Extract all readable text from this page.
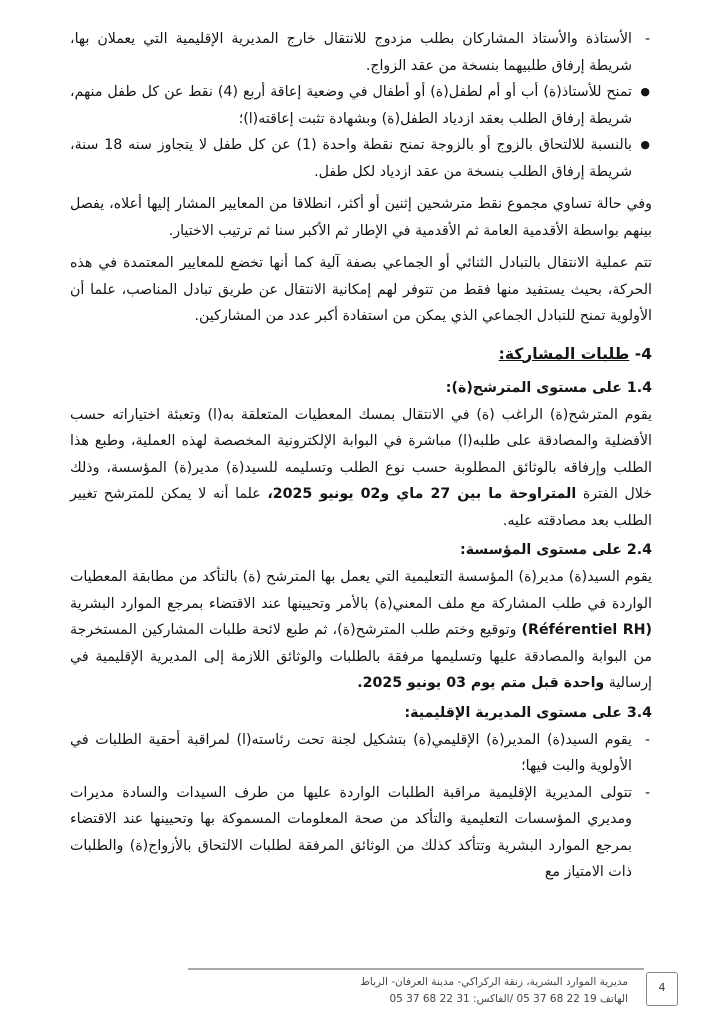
-
الأستاذة والأستاذ المشاركان بطلب مزدوج للانتقال خارج المديرية الإقليمية التي يعملان بها، شريطة إرفاق طلبيهما بنسخة من عقد الزواج.

●
تمنح للأستاذ(ة) أب أو أم لطفل(ة) أو أطفال في وضعية إعاقة أربع (4) نقط عن كل طفل منهم، شريطة إرفاق الطلب بعقد ازدياد الطفل(ة) وبشهادة تثبت إعاقته(ا)؛

●
بالنسبة للالتحاق بالزوج أو بالزوجة تمنح نقطة واحدة (1) عن كل طفل لا يتجاوز سنه 18 سنة، شريطة إرفاق الطلب بنسخة من عقد ازدياد لكل طفل.

وفي حالة تساوي مجموع نقط مترشحين إثنين أو أكثر، انطلاقا من المعايير المشار إليها أعلاه، يفصل بينهم بواسطة الأقدمية العامة ثم الأقدمية في الإطار ثم الأكبر سنا ثم ترتيب الاختيار.

تتم عملية الانتقال بالتبادل الثنائي أو الجماعي بصفة آلية كما أنها تخضع للمعايير المعتمدة في هذه الحركة، بحيث يستفيد منها فقط من تتوفر لهم إمكانية الانتقال عن طريق تبادل المناصب، علما أن الأولوية تمنح للتبادل الجماعي الذي يمكن من استفادة أكبر عدد من المشاركين.

4- طلبات المشاركة:
1.4 على مستوى المترشح(ة):

يقوم المترشح(ة) الراغب (ة) في الانتقال بمسك المعطيات المتعلقة به(ا) وتعبئة اختياراته حسب الأفضلية والمصادقة على طلبه(ا) مباشرة في البوابة الإلكترونية المخصصة لهذه العملية، وطبع هذا الطلب وإرفاقه بالوثائق المطلوبة حسب نوع الطلب وتسليمه للسيد(ة) مدير(ة) المؤسسة، وذلك خلال الفترة المتراوحة ما بين 27 ماي و02 يونيو 2025، علما أنه لا يمكن للمترشح تغيير الطلب بعد مصادقته عليه.

2.4 على مستوى المؤسسة:

يقوم السيد(ة) مدير(ة) المؤسسة التعليمية التي يعمل بها المترشح (ة) بالتأكد من مطابقة المعطيات الواردة في طلب المشاركة مع ملف المعني(ة) بالأمر وتحيينها عند الاقتضاء بمرجع الموارد البشرية (Référentiel RH) وتوقيع وختم طلب المترشح(ة)، ثم طبع لائحة طلبات المشاركين المستخرجة من البوابة والمصادقة عليها وتسليمها مرفقة بالطلبات والوثائق اللازمة إلى المديرية الإقليمية في إرسالية واحدة قبل متم يوم 03 يونيو 2025.

3.4 على مستوى المديرية الإقليمية:

-
يقوم السيد(ة) المدير(ة) الإقليمي(ة) بتشكيل لجنة تحت رئاسته(ا) لمراقبة أحقية الطلبات في الأولوية والبت فيها؛

-
تتولى المديرية الإقليمية مراقبة الطلبات الواردة عليها من طرف السيدات والسادة مديرات ومديري المؤسسات التعليمية والتأكد من صحة المعلومات المسموكة بها وتحيينها عند الاقتضاء بمرجع الموارد البشرية وتتأكد كذلك من الوثائق المرفقة لطلبات الالتحاق بالأزواج(ة) والطلبات ذات الامتياز مع

مديرية الموارد البشرية، زنقة الركراكي- مدينة العرفان- الرباط
الهاتف 19 22 68 37 05 /الفاكس: 31 22 68 37 05
4
